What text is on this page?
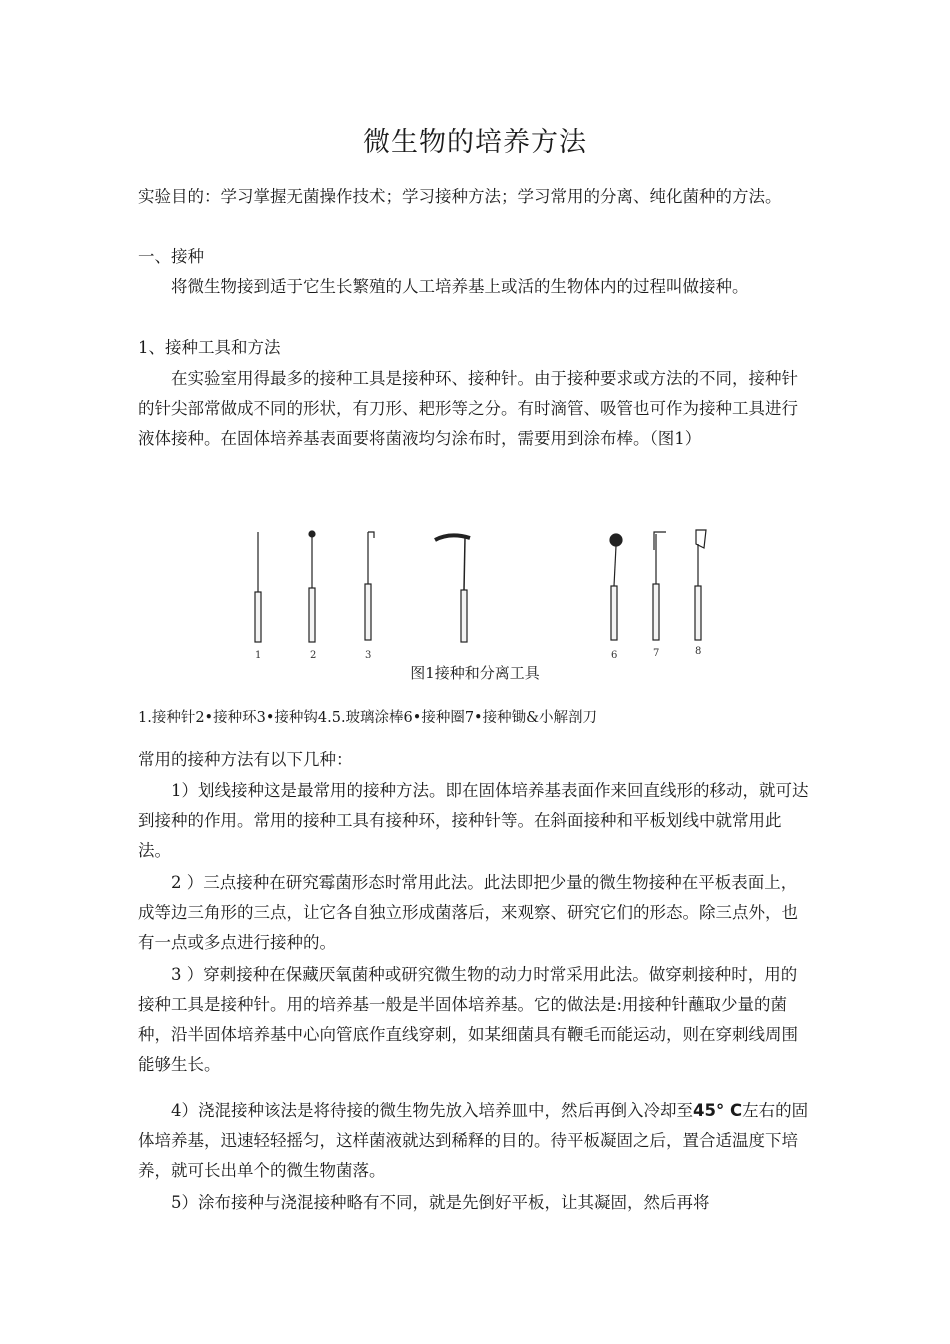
微生物的培养方法
实验目的：学习掌握无菌操作技术；学习接种方法；学习常用的分离、纯化菌种的方法。
一、接种
将微生物接到适于它生长繁殖的人工培养基上或活的生物体内的过程叫做接种。
1、接种工具和方法
在实验室用得最多的接种工具是接种环、接种针。由于接种要求或方法的不同，接种针的针尖部常做成不同的形状，有刀形、耙形等之分。有时滴管、吸管也可作为接种工具进行液体接种。在固体培养基表面要将菌液均匀涂布时，需要用到涂布棒。（图1）
1	2	3	6	7	8
图1接种和分离工具
1.接种针2•接种环3•接种钩4.5.玻璃涂棒6•接种圈7•接种锄&小解剖刀
常用的接种方法有以下几种：
1）划线接种这是最常用的接种方法。即在固体培养基表面作来回直线形的移动，就可达到接种的作用。常用的接种工具有接种环，接种针等。在斜面接种和平板划线中就常用此法。
2 ）三点接种在研究霉菌形态时常用此法。此法即把少量的微生物接种在平板表面上，成等边三角形的三点，让它各自独立形成菌落后，来观察、研究它们的形态。除三点外，也有一点或多点进行接种的。
3 ）穿刺接种在保藏厌氧菌种或研究微生物的动力时常采用此法。做穿刺接种时，用的接种工具是接种针。用的培养基一般是半固体培养基。它的做法是:用接种针蘸取少量的菌种，沿半固体培养基中心向管底作直线穿刺，如某细菌具有鞭毛而能运动，则在穿刺线周围能够生长。
4）浇混接种该法是将待接的微生物先放入培养皿中，然后再倒入冷却至45° C左右的固体培养基，迅速轻轻摇匀，这样菌液就达到稀释的目的。待平板凝固之后，置合适温度下培养，就可长出单个的微生物菌落。
5）涂布接种与浇混接种略有不同，就是先倒好平板，让其凝固，然后再将
